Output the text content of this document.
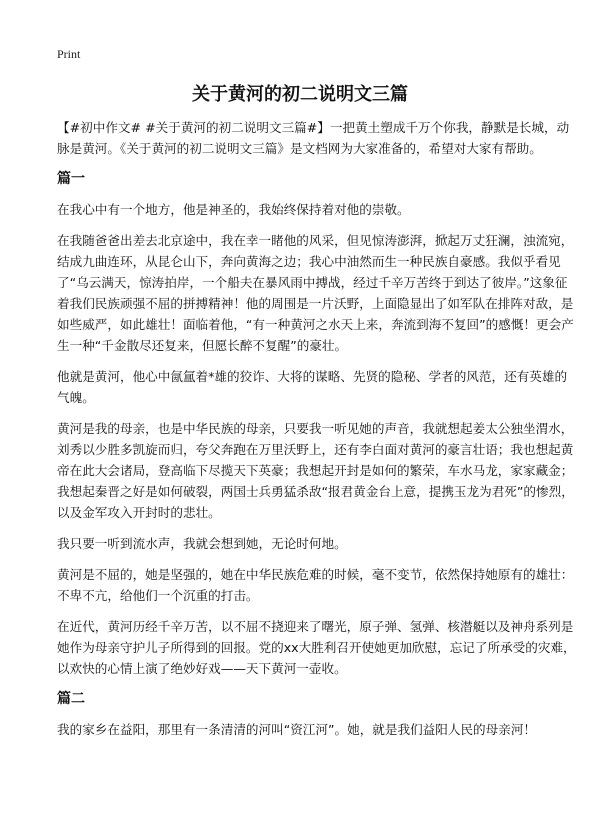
Print
关于黄河的初二说明文三篇

【#初中作文# #关于黄河的初二说明文三篇#】一把黄土塑成千万个你我，静默是长城，动脉是黄河。《关于黄河的初二说明文三篇》是文档网为大家准备的，希望对大家有帮助。

篇一

在我心中有一个地方，他是神圣的，我始终保持着对他的崇敬。

在我随爸爸出差去北京途中，我在幸一睹他的风采，但见惊涛澎湃，掀起万丈狂澜，浊流宛，结成九曲连环，从昆仑山下，奔向黄海之边；我心中油然而生一种民族自豪感。我似乎看见了“乌云满天，惊涛拍岸，一个船夫在暴风雨中搏战，经过千辛万苦终于到达了彼岸。”这象征着我们民族顽强不屈的拼搏精神！他的周围是一片沃野，上面隐显出了如军队在排阵对敌，是如些威严，如此雄壮！面临着他，“有一种黄河之水天上来，奔流到海不复回”的感慨！更会产生一种“千金散尽还复来，但愿长醉不复醒”的豪壮。

他就是黄河，他心中氤氲着*雄的狡诈、大将的谋略、先贤的隐秘、学者的风范，还有英雄的气魄。

黄河是我的母亲，也是中华民族的母亲，只要我一听见她的声音，我就想起姜太公独坐渭水，刘秀以少胜多凯旋而归，夸父奔跑在万里沃野上，还有李白面对黄河的豪言壮语；我也想起黄帝在此大会诸局，登高临下尽揽天下英豪；我想起开封是如何的繁荣，车水马龙，家家藏金；我想起秦晋之好是如何破裂，两国士兵勇猛杀敌“报君黄金台上意，提携玉龙为君死”的惨烈，以及金军攻入开封时的悲壮。

我只要一听到流水声，我就会想到她，无论时何地。

黄河是不屈的，她是坚强的，她在中华民族危难的时候，毫不变节，依然保持她原有的雄壮：不卑不亢，给他们一个沉重的打击。

在近代，黄河历经千辛万苦，以不屈不挠迎来了曙光，原子弹、氢弹、核潜艇以及神舟系列是她作为母亲守护儿子所得到的回报。党的xx大胜利召开使她更加欣慰，忘记了所承受的灾难，以欢快的心情上演了绝妙好戏——天下黄河一壶收。

篇二

我的家乡在益阳，那里有一条清清的河叫“资江河”。她，就是我们益阳人民的母亲河！
